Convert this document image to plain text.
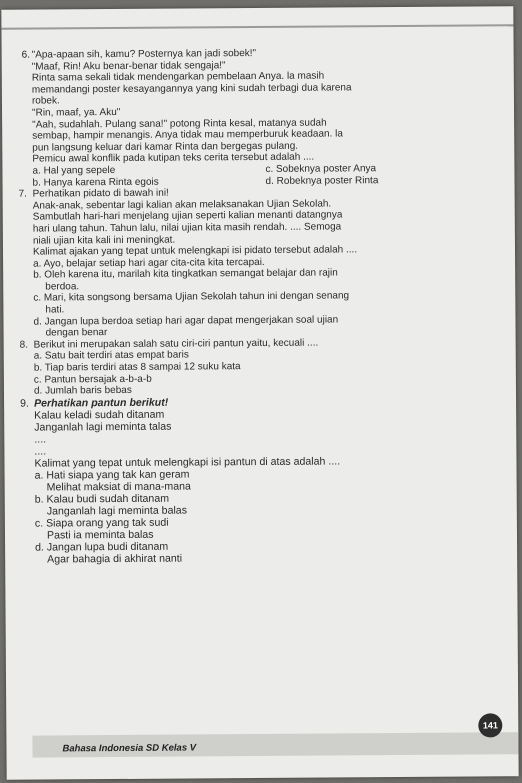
6. "Apa-apaan sih, kamu? Posternya kan jadi sobek!"

"Maaf, Rin! Aku benar-benar tidak sengaja!"

Rinta sama sekali tidak mendengarkan pembelaan Anya. la masih

memandangi poster kesayangannya yang kini sudah terbagi dua karena

robek.

"Rin, maaf, ya. Aku"

"Aah, sudahlah. Pulang sana!" potong Rinta kesal, matanya sudah

sembap, hampir menangis. Anya tidak mau memperburuk keadaan. la

pun langsung keluar dari kamar Rinta dan bergegas pulang.

Pemicu awal konflik pada kutipan teks cerita tersebut adalah ....

a. Hal yang sepele	c. Sobeknya poster Anya
b. Hanya karena Rinta egois	d. Robeknya poster Rinta
7. Perhatikan pidato di bawah ini!

Anak-anak, sebentar lagi kalian akan melaksanakan Ujian Sekolah.

Sambutlah hari-hari menjelang ujian seperti kalian menanti datangnya

hari ulang tahun. Tahun lalu, nilai ujian kita masih rendah. .... Semoga

niali ujian kita kali ini meningkat.

Kalimat ajakan yang tepat untuk melengkapi isi pidato tersebut adalah ....

a. Ayo, belajar setiap hari agar cita-cita kita tercapai.

b. Oleh karena itu, marilah kita tingkatkan semangat belajar dan rajin

berdoa.

c. Mari, kita songsong bersama Ujian Sekolah tahun ini dengan senang

hati.

d. Jangan lupa berdoa setiap hari agar dapat mengerjakan soal ujian

dengan benar

8. Berikut ini merupakan salah satu ciri-ciri pantun yaitu, kecuali ....

a. Satu bait terdiri atas empat baris

b. Tiap baris terdiri atas 8 sampai 12 suku kata

c. Pantun bersajak a-b-a-b

d. Jumlah baris bebas

9. Perhatikan pantun berikut!

Kalau keladi sudah ditanam

Janganlah lagi meminta talas

....

....

Kalimat yang tepat untuk melengkapi isi pantun di atas adalah ....

a. Hati siapa yang tak kan geram

Melihat maksiat di mana-mana

b. Kalau budi sudah ditanam

Janganlah lagi meminta balas

c. Siapa orang yang tak sudi

Pasti ia meminta balas

d. Jangan lupa budi ditanam

Agar bahagia di akhirat nanti

Bahasa Indonesia SD Kelas V
141
